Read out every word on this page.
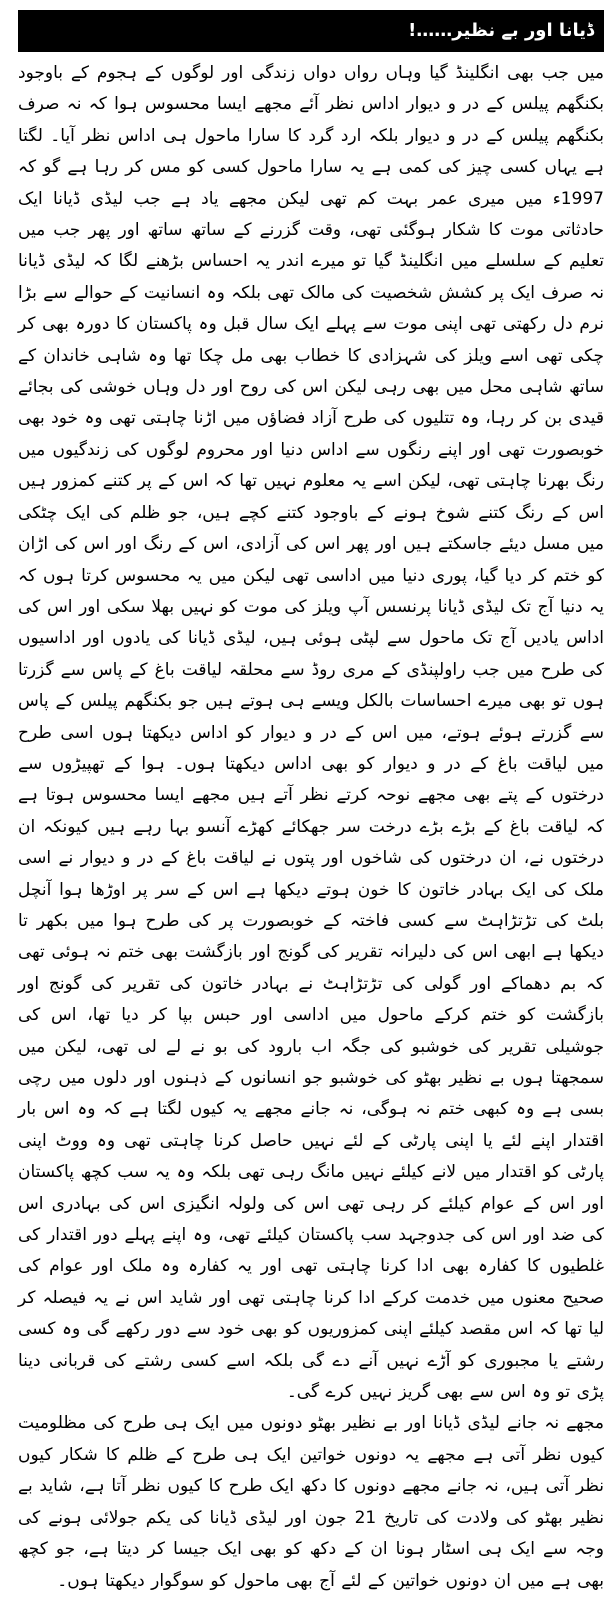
ڈیانا اور بے نظیر……!

میں جب بھی انگلینڈ گیا وہاں رواں دواں زندگی اور لوگوں کے ہجوم کے باوجود بکنگھم پیلس کے در و دیوار اداس نظر آئے مجھے ایسا محسوس ہوا کہ نہ صرف بکنگھم پیلس کے در و دیوار بلکہ ارد گرد کا سارا ماحول ہی اداس نظر آیا۔ لگتا ہے یہاں کسی چیز کی کمی ہے یہ سارا ماحول کسی کو مس کر رہا ہے گو کہ 1997ء میں میری عمر بہت کم تھی لیکن مجھے یاد ہے جب لیڈی ڈیانا ایک حادثاتی موت کا شکار ہوگئی تھی، وقت گزرنے کے ساتھ ساتھ اور پھر جب میں تعلیم کے سلسلے میں انگلینڈ گیا تو میرے اندر یہ احساس بڑھنے لگا کہ لیڈی ڈیانا نہ صرف ایک پر کشش شخصیت کی مالک تھی بلکہ وہ انسانیت کے حوالے سے بڑا نرم دل رکھتی تھی اپنی موت سے پہلے ایک سال قبل وہ پاکستان کا دورہ بھی کر چکی تھی اسے ویلز کی شہزادی کا خطاب بھی مل چکا تھا وہ شاہی خاندان کے ساتھ شاہی محل میں بھی رہی لیکن اس کی روح اور دل وہاں خوشی کی بجائے قیدی بن کر رہا، وہ تتلیوں کی طرح آزاد فضاؤں میں اڑنا چاہتی تھی وہ خود بھی خوبصورت تھی اور اپنے رنگوں سے اداس دنیا اور محروم لوگوں کی زندگیوں میں رنگ بھرنا چاہتی تھی، لیکن اسے یہ معلوم نہیں تھا کہ اس کے پر کتنے کمزور ہیں اس کے رنگ کتنے شوخ ہونے کے باوجود کتنے کچے ہیں، جو ظلم کی ایک چٹکی میں مسل دیئے جاسکتے ہیں اور پھر اس کی آزادی، اس کے رنگ اور اس کی اڑان کو ختم کر دیا گیا، پوری دنیا میں اداسی تھی لیکن میں یہ محسوس کرتا ہوں کہ یہ دنیا آج تک لیڈی ڈیانا پرنسس آپ ویلز کی موت کو نہیں بھلا سکی اور اس کی اداس یادیں آج تک ماحول سے لپٹی ہوئی ہیں، لیڈی ڈیانا کی یادوں اور اداسیوں کی طرح میں جب راولپنڈی کے مری روڈ سے محلقہ لیاقت باغ کے پاس سے گزرتا ہوں تو بھی میرے احساسات بالکل ویسے ہی ہوتے ہیں جو بکنگھم پیلس کے پاس سے گزرتے ہوئے ہوتے، میں اس کے در و دیوار کو اداس دیکھتا ہوں اسی طرح میں لیاقت باغ کے در و دیوار کو بھی اداس دیکھتا ہوں۔ ہوا کے تھپیڑوں سے درختوں کے پتے بھی مجھے نوحہ کرتے نظر آتے ہیں مجھے ایسا محسوس ہوتا ہے کہ لیاقت باغ کے بڑے بڑے درخت سر جھکائے کھڑے آنسو بہا رہے ہیں کیونکہ ان درختوں نے، ان درختوں کی شاخوں اور پتوں نے لیاقت باغ کے در و دیوار نے اسی ملک کی ایک بہادر خاتون کا خون ہوتے دیکھا ہے اس کے سر پر اوڑھا ہوا آنچل بلٹ کی تڑتڑاہٹ سے کسی فاختہ کے خوبصورت پر کی طرح ہوا میں بکھر تا دیکھا ہے ابھی اس کی دلیرانہ تقریر کی گونج اور بازگشت بھی ختم نہ ہوئی تھی کہ بم دھماکے اور گولی کی تڑتڑاہٹ نے بہادر خاتون کی تقریر کی گونج اور بازگشت کو ختم کرکے ماحول میں اداسی اور حبس بپا کر دیا تھا، اس کی جوشیلی تقریر کی خوشبو کی جگہ اب بارود کی بو نے لے لی تھی، لیکن میں سمجھتا ہوں بے نظیر بھٹو کی خوشبو جو انسانوں کے ذہنوں اور دلوں میں رچی بسی ہے وہ کبھی ختم نہ ہوگی، نہ جانے مجھے یہ کیوں لگتا ہے کہ وہ اس بار اقتدار اپنے لئے یا اپنی پارٹی کے لئے نہیں حاصل کرنا چاہتی تھی وہ ووٹ اپنی پارٹی کو اقتدار میں لانے کیلئے نہیں مانگ رہی تھی بلکہ وہ یہ سب کچھ پاکستان اور اس کے عوام کیلئے کر رہی تھی اس کی ولولہ انگیزی اس کی بہادری اس کی ضد اور اس کی جدوجہد سب پاکستان کیلئے تھی، وہ اپنے پہلے دور اقتدار کی غلطیوں کا کفارہ بھی ادا کرنا چاہتی تھی اور یہ کفارہ وہ ملک اور عوام کی صحیح معنوں میں خدمت کرکے ادا کرنا چاہتی تھی اور شاید اس نے یہ فیصلہ کر لیا تھا کہ اس مقصد کیلئے اپنی کمزوریوں کو بھی خود سے دور رکھے گی وہ کسی رشتے یا مجبوری کو آڑے نہیں آنے دے گی بلکہ اسے کسی رشتے کی قربانی دینا پڑی تو وہ اس سے بھی گریز نہیں کرے گی۔

مجھے نہ جانے لیڈی ڈیانا اور بے نظیر بھٹو دونوں میں ایک ہی طرح کی مظلومیت کیوں نظر آتی ہے مجھے یہ دونوں خواتین ایک ہی طرح کے ظلم کا شکار کیوں نظر آتی ہیں، نہ جانے مجھے دونوں کا دکھ ایک طرح کا کیوں نظر آتا ہے، شاید بے نظیر بھٹو کی ولادت کی تاریخ 21 جون اور لیڈی ڈیانا کی یکم جولائی ہونے کی وجہ سے ایک ہی اسٹار ہونا ان کے دکھ کو بھی ایک جیسا کر دیتا ہے، جو کچھ بھی ہے میں ان دونوں خواتین کے لئے آج بھی ماحول کو سوگوار دیکھتا ہوں۔
